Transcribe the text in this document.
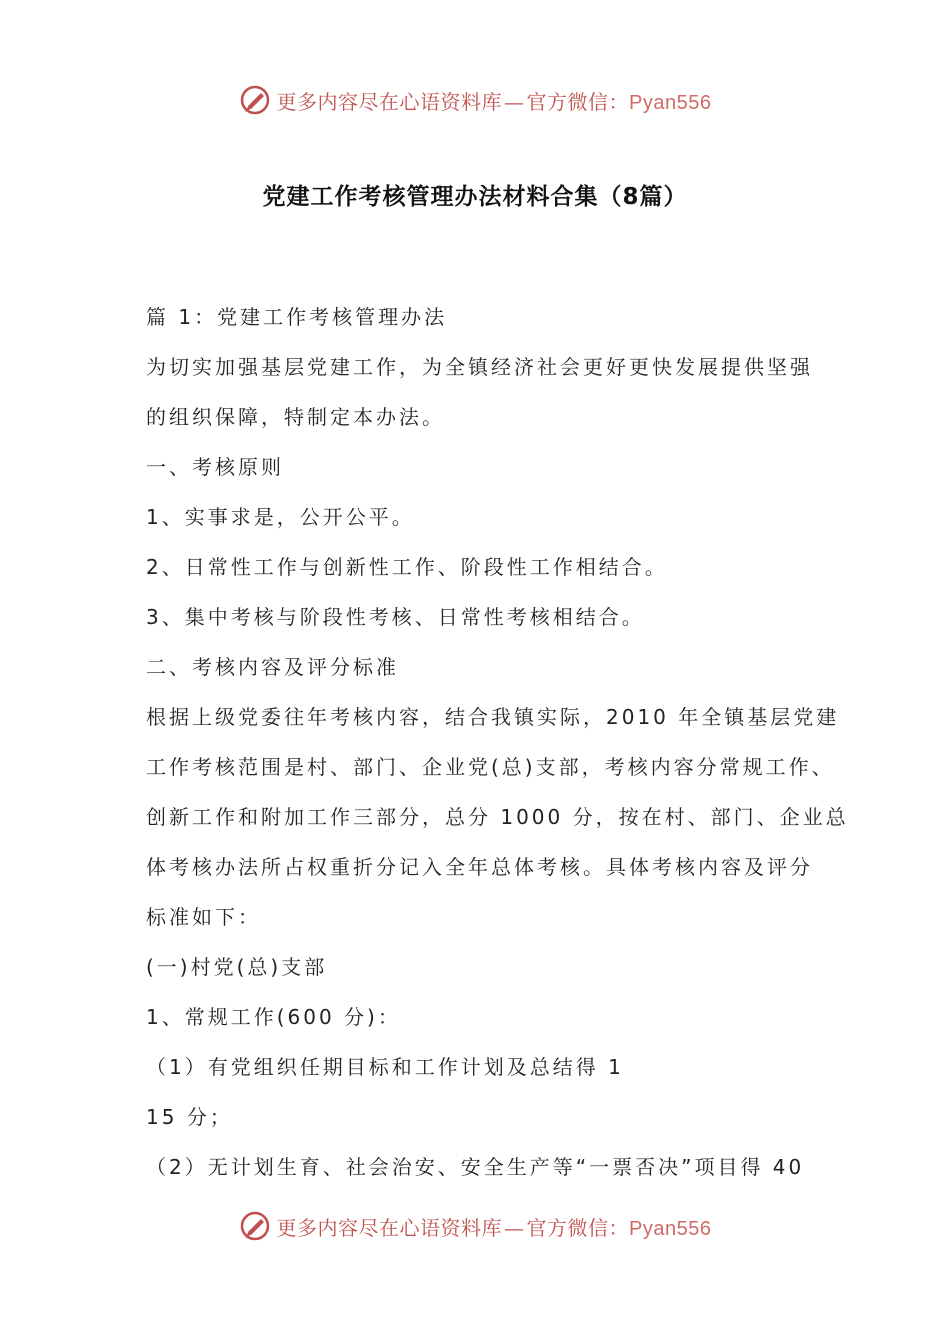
更多内容尽在心语资料库 — 官方微信：Pyan556
党建工作考核管理办法材料合集（8篇）

篇 1：党建工作考核管理办法

为切实加强基层党建工作，为全镇经济社会更好更快发展提供坚强

的组织保障，特制定本办法。

一、考核原则

1、实事求是，公开公平。

2、日常性工作与创新性工作、阶段性工作相结合。

3、集中考核与阶段性考核、日常性考核相结合。

二、考核内容及评分标准

根据上级党委往年考核内容，结合我镇实际，2010 年全镇基层党建

工作考核范围是村、部门、企业党(总)支部，考核内容分常规工作、

创新工作和附加工作三部分，总分 1000 分，按在村、部门、企业总

体考核办法所占权重折分记入全年总体考核。具体考核内容及评分

标准如下：

(一)村党(总)支部

1、常规工作(600 分)：

（1）有党组织任期目标和工作计划及总结得 1

15 分；

（2）无计划生育、社会治安、安全生产等“一票否决”项目得 40

更多内容尽在心语资料库 — 官方微信：Pyan556
